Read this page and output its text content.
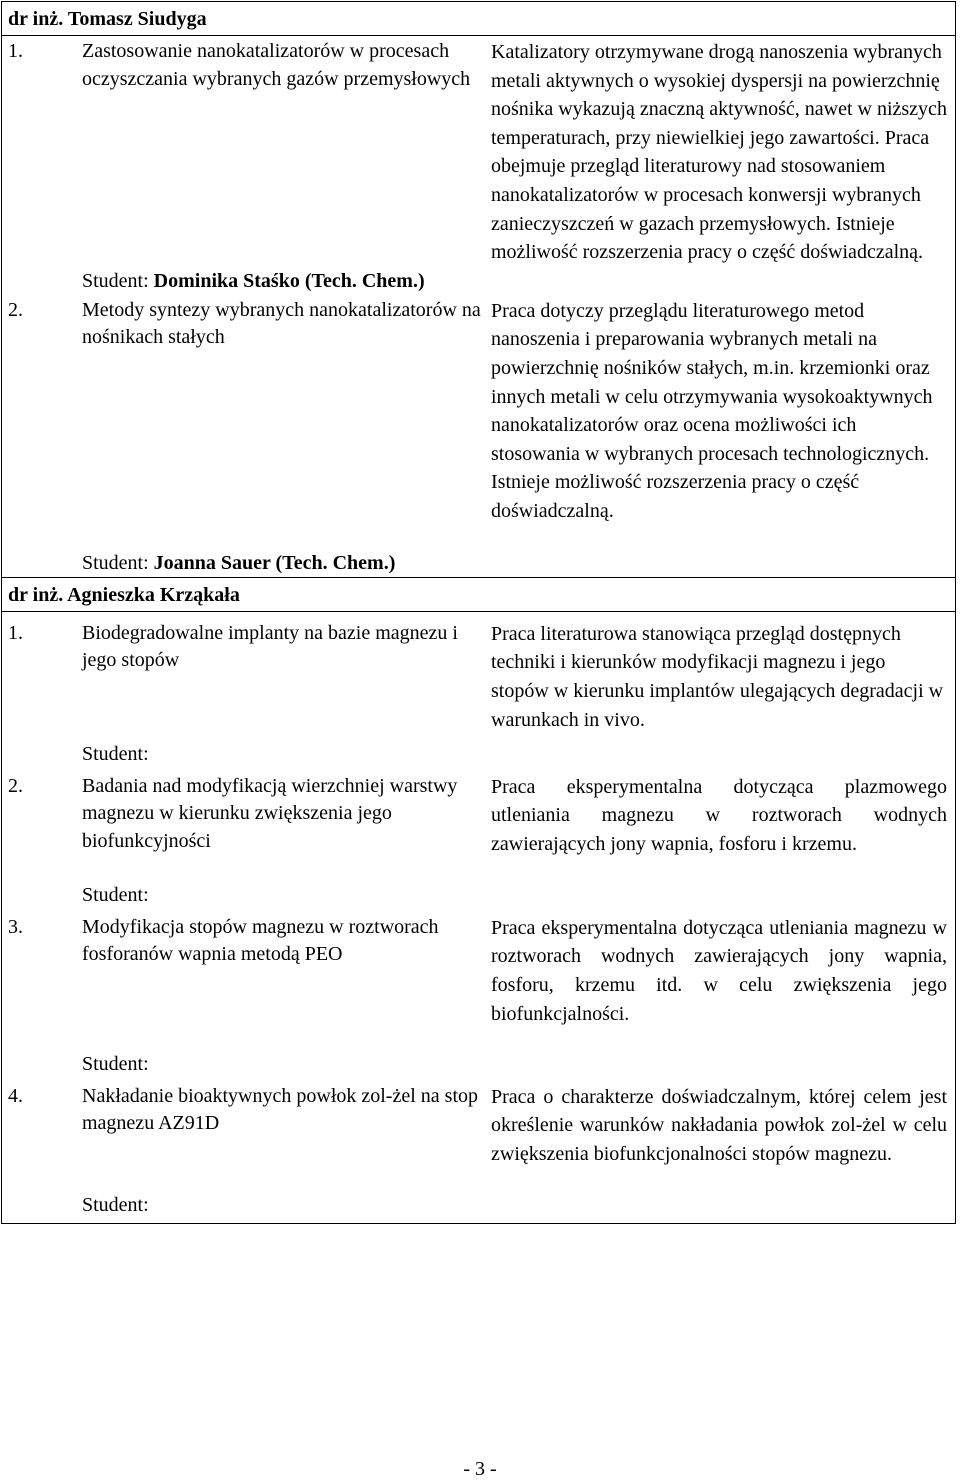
dr inż. Tomasz Siudyga

1.	Zastosowanie nanokatalizatorów w procesach oczyszczania wybranych gazów przemysłowych
Katalizatory otrzymywane drogą nanoszenia wybranych metali aktywnych o wysokiej dyspersji na powierzchnię nośnika wykazują znaczną aktywność, nawet w niższych temperaturach, przy niewielkiej jego zawartości. Praca obejmuje przegląd literaturowy nad stosowaniem nanokatalizatorów w procesach konwersji wybranych zanieczyszczeń w gazach przemysłowych. Istnieje możliwość rozszerzenia pracy o część doświadczalną.
Student: Dominika Staśko (Tech. Chem.)
2.	Metody syntezy wybranych nanokatalizatorów na nośnikach stałych
Praca dotyczy przeglądu literaturowego metod nanoszenia i preparowania wybranych metali na powierzchnię nośników stałych, m.in. krzemionki oraz innych metali w celu otrzymywania wysokoaktywnych nanokatalizatorów oraz ocena możliwości ich stosowania w wybranych procesach technologicznych. Istnieje możliwość rozszerzenia pracy o część doświadczalną.
Student: Joanna Sauer (Tech. Chem.)

dr inż. Agnieszka Krząkała

1.	Biodegradowalne implanty na bazie magnezu i jego stopów
Praca literaturowa stanowiąca przegląd dostępnych techniki i kierunków modyfikacji magnezu i jego stopów w kierunku implantów ulegających degradacji w warunkach in vivo.
Student:
2.	Badania nad modyfikacją wierzchniej warstwy magnezu w kierunku zwiększenia jego biofunkcyjności
Praca eksperymentalna dotycząca plazmowego utleniania magnezu w roztworach wodnych zawierających jony wapnia, fosforu i krzemu.
Student:
3.	Modyfikacja stopów magnezu w roztworach fosforanów wapnia metodą PEO
Praca eksperymentalna dotycząca utleniania magnezu w roztworach wodnych zawierających jony wapnia, fosforu, krzemu itd. w celu zwiększenia jego biofunkcjalności.
Student:
4.	Nakładanie bioaktywnych powłok zol-żel na stop magnezu AZ91D
Praca o charakterze doświadczalnym, której celem jest określenie warunków nakładania powłok zol-żel w celu zwiększenia biofunkcjonalności stopów magnezu.
Student:
- 3 -
